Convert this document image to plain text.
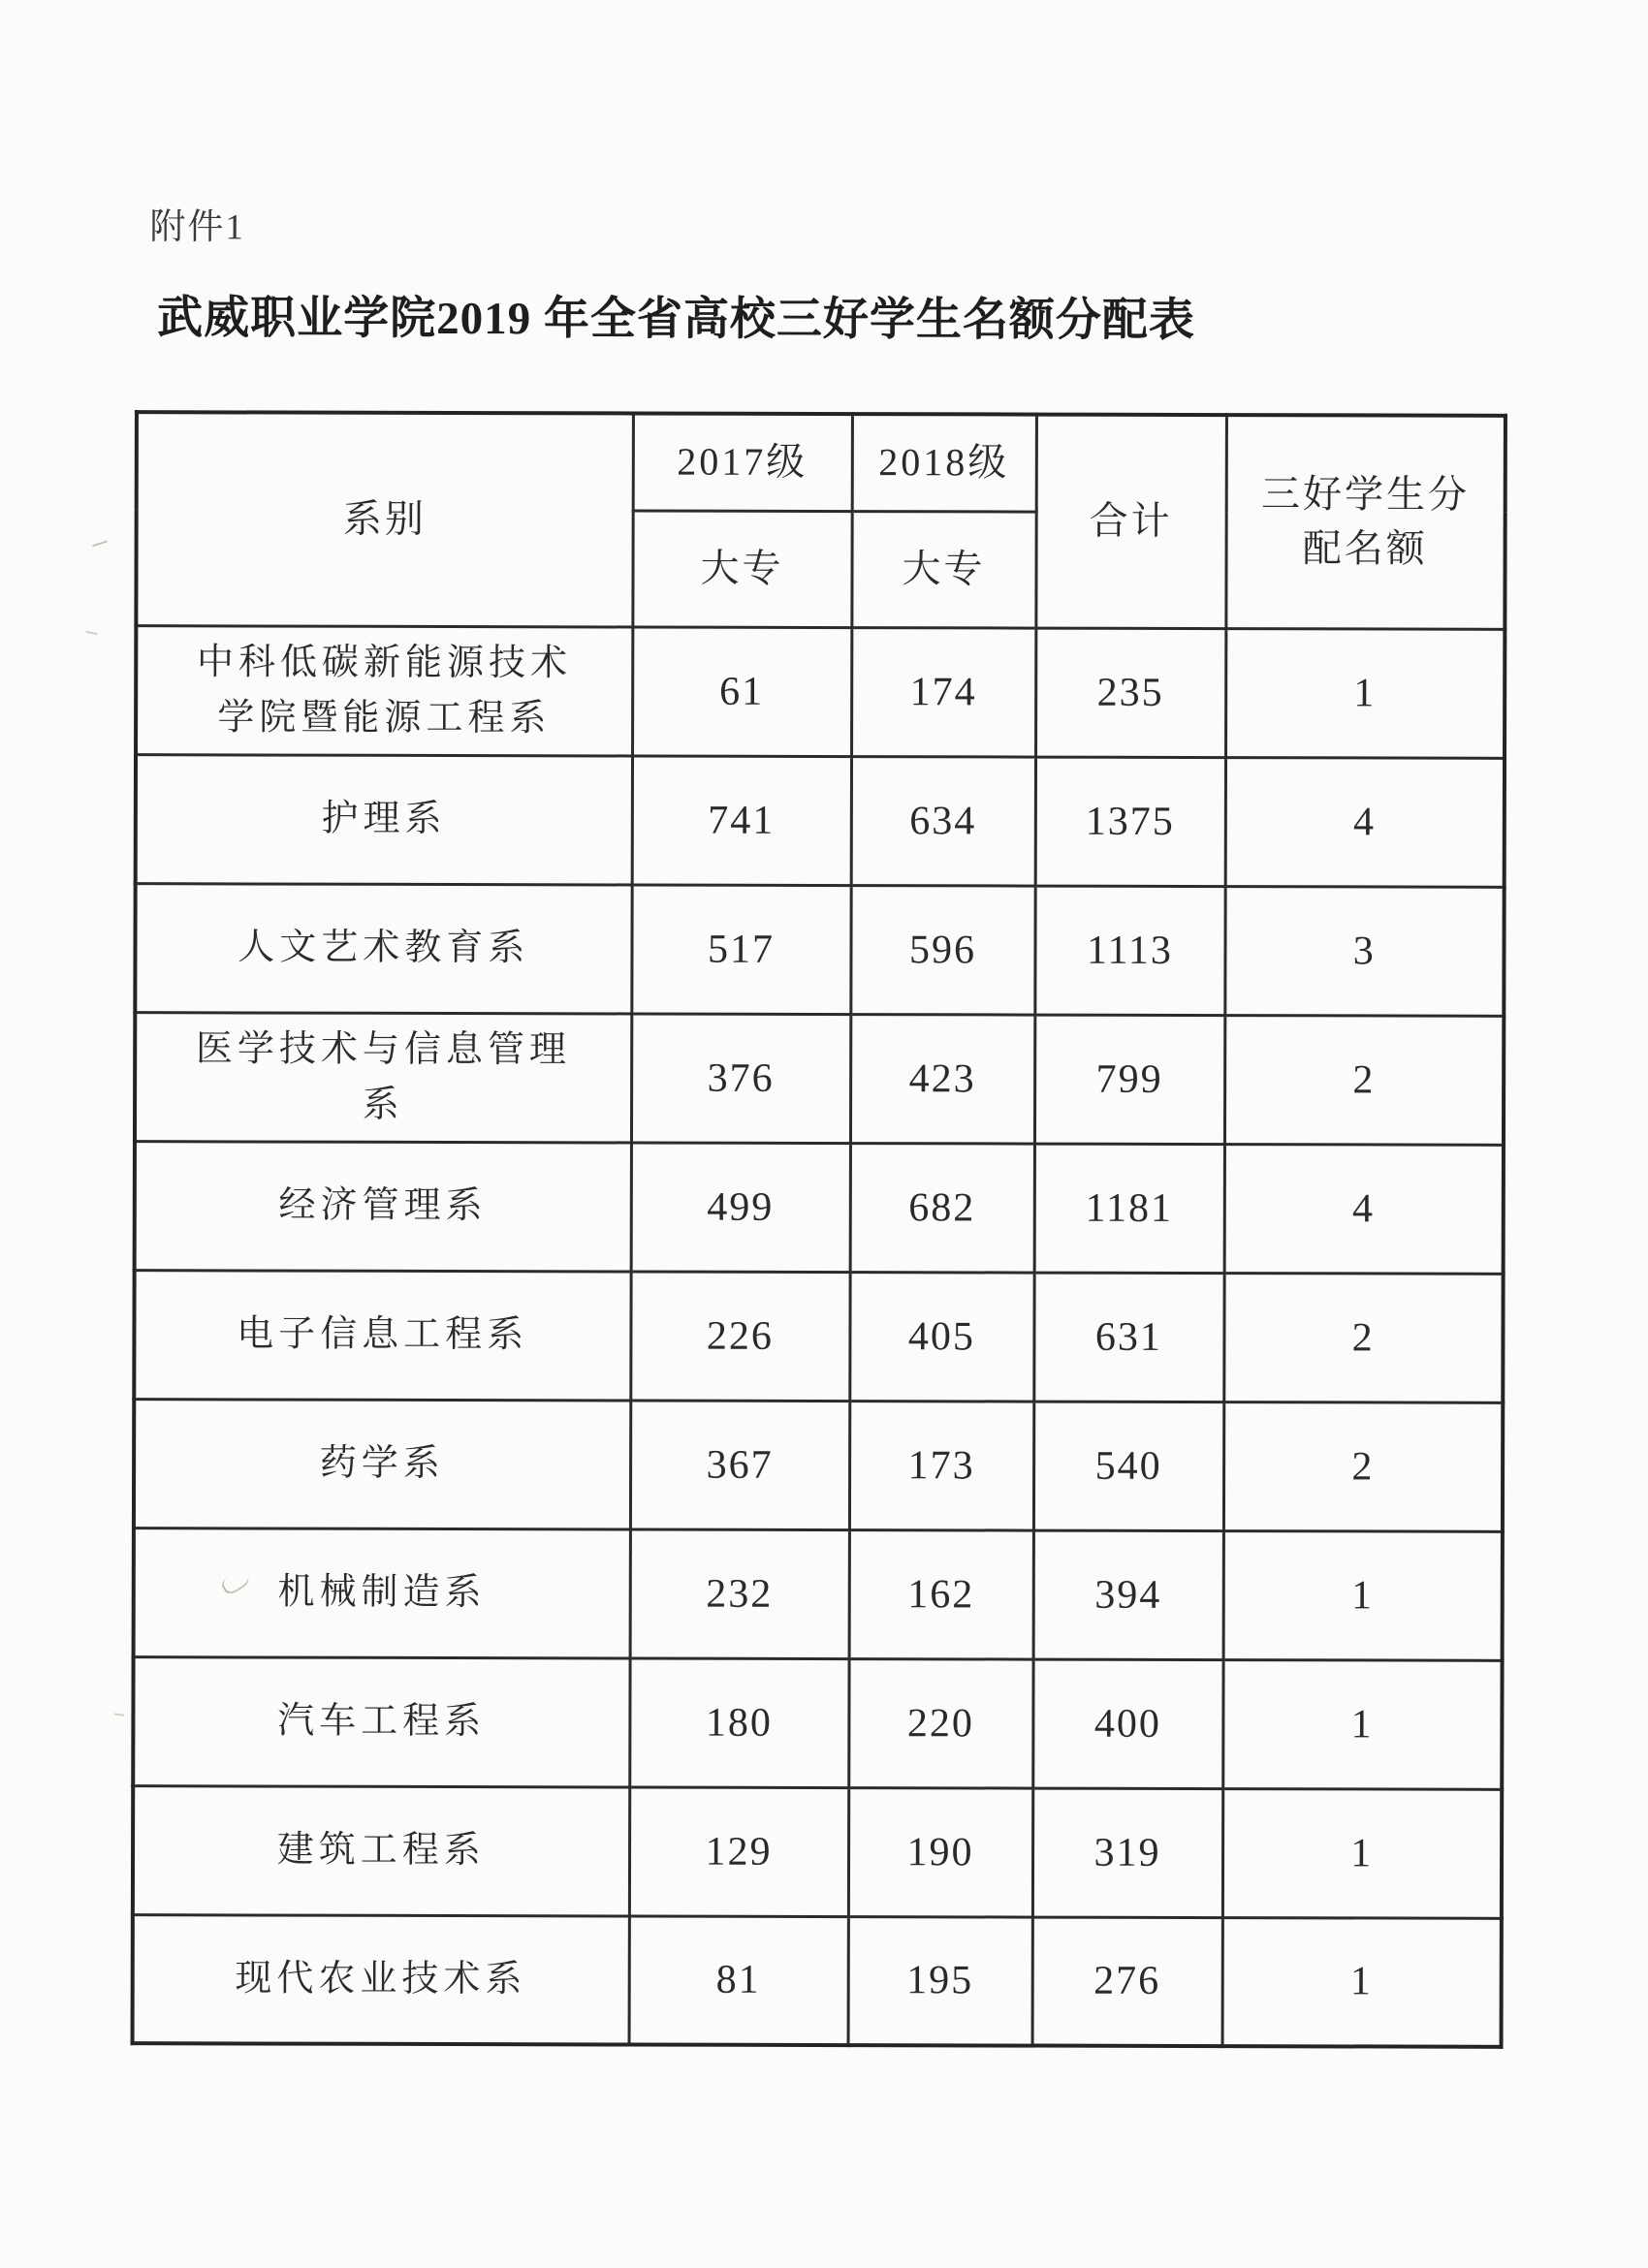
附件1
武威职业学院2019 年全省高校三好学生名额分配表
系别	2017级	2018级	合计	三好学生分
配名额
	大专	大专		
中科低碳新能源技术
学院暨能源工程系	61	174	235	1
护理系	741	634	1375	4
人文艺术教育系	517	596	1113	3
医学技术与信息管理
系	376	423	799	2
经济管理系	499	682	1181	4
电子信息工程系	226	405	631	2
药学系	367	173	540	2
机械制造系	232	162	394	1
汽车工程系	180	220	400	1
建筑工程系	129	190	319	1
现代农业技术系	81	195	276	1
